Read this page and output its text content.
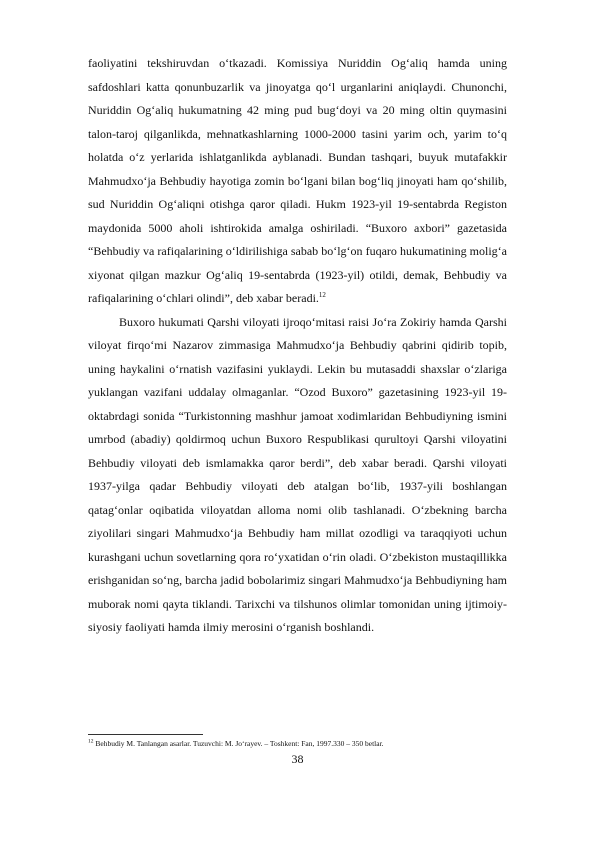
faoliyatini tekshiruvdan o‘tkazadi. Komissiya Nuriddin Og‘aliq hamda uning safdoshlari katta qonunbuzarlik va jinoyatga qo‘l urganlarini aniqlaydi. Chunonchi, Nuriddin Og‘aliq hukumatning 42 ming pud bug‘doyi va 20 ming oltin quymasini talon-taroj qilganlikda, mehnatkashlarning 1000-2000 tasini yarim och, yarim to‘q holatda o‘z yerlarida ishlatganlikda ayblanadi. Bundan tashqari, buyuk mutafakkir Mahmudxo‘ja Behbudiy hayotiga zomin bo‘lgani bilan bog‘liq jinoyati ham qo‘shilib, sud Nuriddin Og‘aliqni otishga qaror qiladi. Hukm 1923-yil 19-sentabrda Registon maydonida 5000 aholi ishtirokida amalga oshiriladi. “Buxoro axbori” gazetasida “Behbudiy va rafiqalarining o‘ldirilishiga sabab bo‘lg‘on fuqaro hukumatining molig‘a xiyonat qilgan mazkur Og‘aliq 19-sentabrda (1923-yil) otildi, demak, Behbudiy va rafiqalarining o‘chlari olindi”, deb xabar beradi.$^{12}$

Buxoro hukumati Qarshi viloyati ijroqo‘mitasi raisi Jo‘ra Zokiriy hamda Qarshi viloyat firqo‘mi Nazarov zimmasiga Mahmudxo‘ja Behbudiy qabrini qidirib topib, uning haykalini o‘rnatish vazifasini yuklaydi. Lekin bu mutasaddi shaxslar o‘zlariga yuklangan vazifani uddalay olmaganlar. “Ozod Buxoro” gazetasining 1923-yil 19-oktabrdagi sonida “Turkistonning mashhur jamoat xodimlaridan Behbudiyning ismini umrbod (abadiy) qoldirmoq uchun Buxoro Respublikasi qurultoyi Qarshi viloyatini Behbudiy viloyati deb ismlamakka qaror berdi”, deb xabar beradi. Qarshi viloyati 1937-yilga qadar Behbudiy viloyati deb atalgan bo‘lib, 1937-yili boshlangan qatag‘onlar oqibatida viloyatdan alloma nomi olib tashlanadi. O‘zbekning barcha ziyolilari singari Mahmudxo‘ja Behbudiy ham millat ozodligi va taraqqiyoti uchun kurashgani uchun sovetlarning qora ro‘yxatidan o‘rin oladi. O‘zbekiston mustaqillikka erishganidan so‘ng, barcha jadid bobolarimiz singari Mahmudxo‘ja Behbudiyning ham muborak nomi qayta tiklandi. Tarixchi va tilshunos olimlar tomonidan uning ijtimoiy-siyosiy faoliyati hamda ilmiy merosini o‘rganish boshlandi.

$^{12}$ Behbudiy M. Tanlangan asarlar. Tuzuvchi: M. Jo‘rayev. – Toshkent: Fan, 1997.330 – 350 betlar.
38
